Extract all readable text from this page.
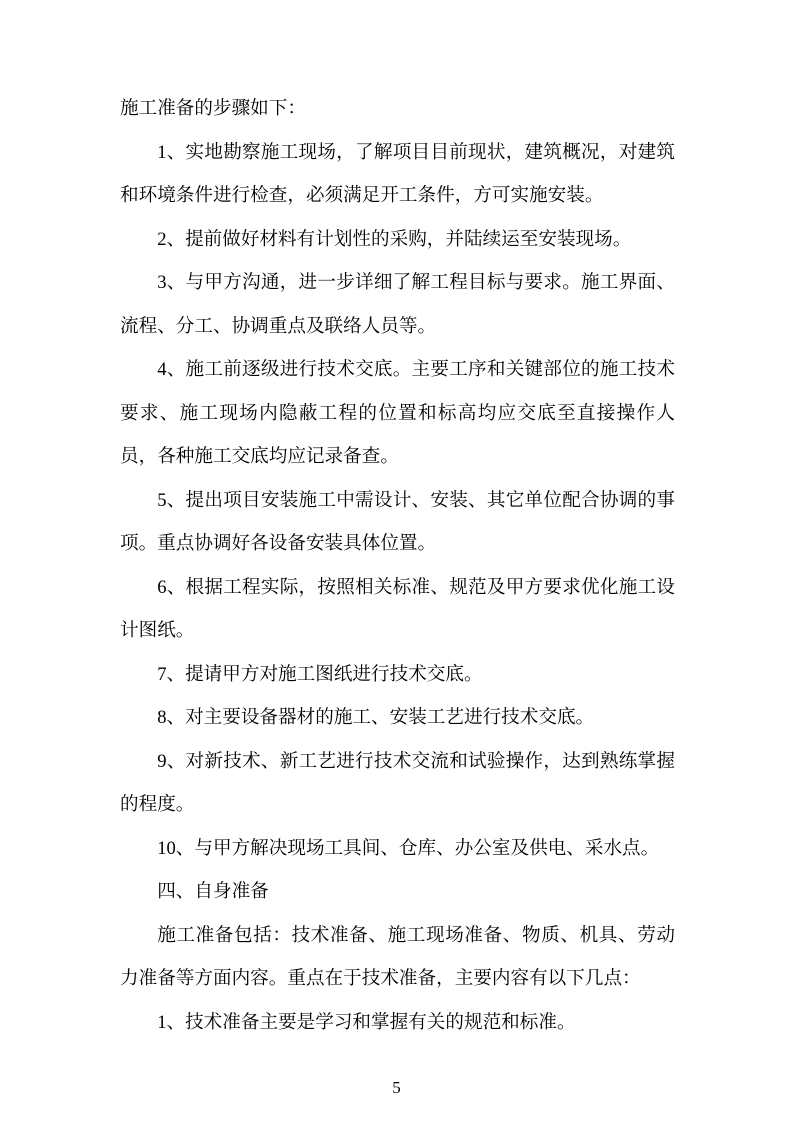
施工准备的步骤如下：

1、实地勘察施工现场，了解项目目前现状，建筑概况，对建筑和环境条件进行检查，必须满足开工条件，方可实施安装。

2、提前做好材料有计划性的采购，并陆续运至安装现场。

3、与甲方沟通，进一步详细了解工程目标与要求。施工界面、流程、分工、协调重点及联络人员等。

4、施工前逐级进行技术交底。主要工序和关键部位的施工技术要求、施工现场内隐蔽工程的位置和标高均应交底至直接操作人员，各种施工交底均应记录备查。

5、提出项目安装施工中需设计、安装、其它单位配合协调的事项。重点协调好各设备安装具体位置。

6、根据工程实际，按照相关标准、规范及甲方要求优化施工设计图纸。

7、提请甲方对施工图纸进行技术交底。

8、对主要设备器材的施工、安装工艺进行技术交底。

9、对新技术、新工艺进行技术交流和试验操作，达到熟练掌握的程度。

10、与甲方解决现场工具间、仓库、办公室及供电、采水点。

四、自身准备

施工准备包括：技术准备、施工现场准备、物质、机具、劳动力准备等方面内容。重点在于技术准备，主要内容有以下几点：

1、技术准备主要是学习和掌握有关的规范和标准。

5
